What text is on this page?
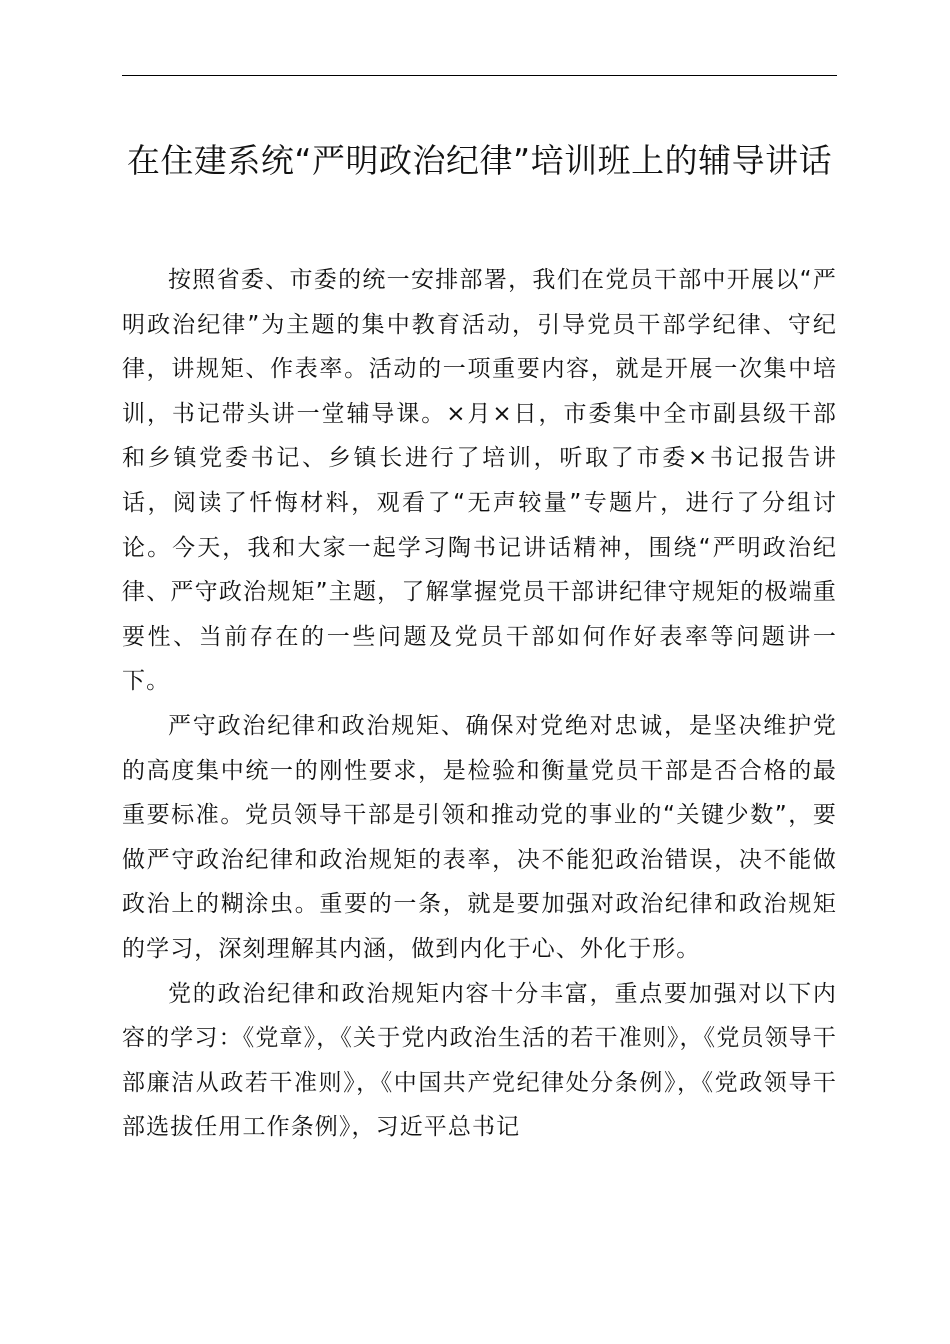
在住建系统“严明政治纪律”培训班上的辅导讲话

按照省委、市委的统一安排部署，我们在党员干部中开展以“严明政治纪律”为主题的集中教育活动，引导党员干部学纪律、守纪律，讲规矩、作表率。活动的一项重要内容，就是开展一次集中培训，书记带头讲一堂辅导课。×月×日，市委集中全市副县级干部和乡镇党委书记、乡镇长进行了培训，听取了市委×书记报告讲话，阅读了忏悔材料，观看了“无声较量”专题片，进行了分组讨论。今天，我和大家一起学习陶书记讲话精神，围绕“严明政治纪律、严守政治规矩”主题，了解掌握党员干部讲纪律守规矩的极端重要性、当前存在的一些问题及党员干部如何作好表率等问题讲一下。

严守政治纪律和政治规矩、确保对党绝对忠诚，是坚决维护党的高度集中统一的刚性要求，是检验和衡量党员干部是否合格的最重要标准。党员领导干部是引领和推动党的事业的“关键少数”，要做严守政治纪律和政治规矩的表率，决不能犯政治错误，决不能做政治上的糊涂虫。重要的一条，就是要加强对政治纪律和政治规矩的学习，深刻理解其内涵，做到内化于心、外化于形。

党的政治纪律和政治规矩内容十分丰富，重点要加强对以下内容的学习：《党章》，《关于党内政治生活的若干准则》，《党员领导干部廉洁从政若干准则》，《中国共产党纪律处分条例》，《党政领导干部选拔任用工作条例》，习近平总书记
